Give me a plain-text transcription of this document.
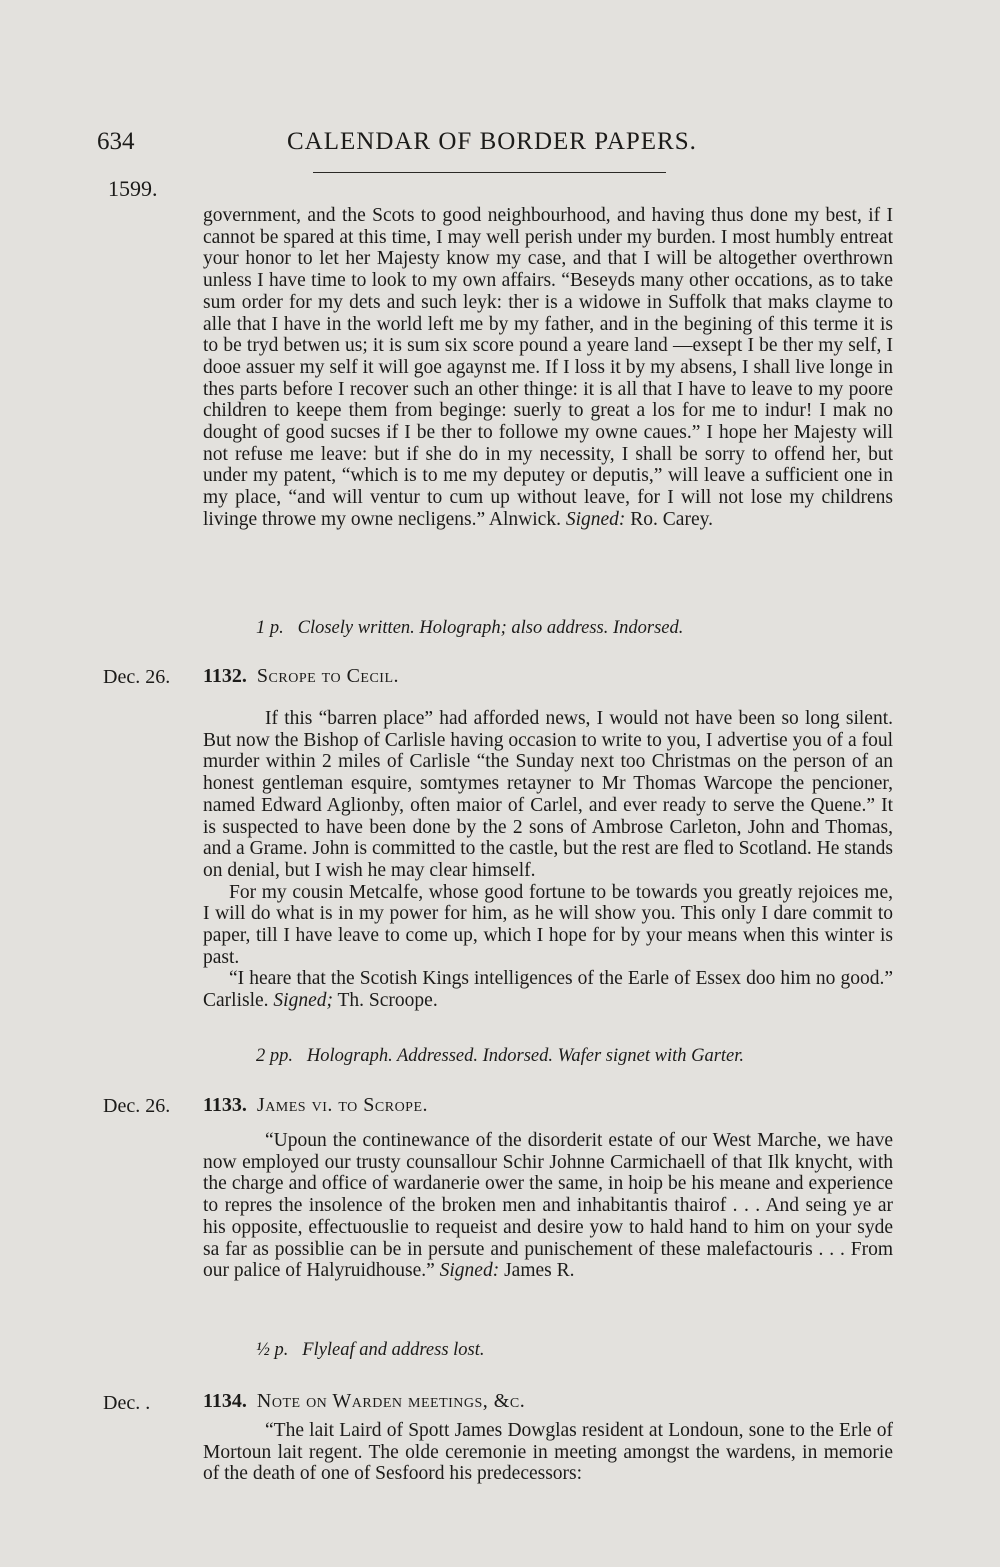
634	CALENDAR OF BORDER PAPERS.
1599.

government, and the Scots to good neighbourhood, and having thus done my best, if I cannot be spared at this time, I may well perish under my burden. I most humbly entreat your honor to let her Majesty know my case, and that I will be altogether overthrown unless I have time to look to my own affairs. “Beseyds many other occations, as to take sum order for my dets and such leyk: ther is a widowe in Suffolk that maks clayme to alle that I have in the world left me by my father, and in the begining of this terme it is to be tryd betwen us; it is sum six score pound a yeare land —exsept I be ther my self, I dooe assuer my self it will goe agaynst me. If I loss it by my absens, I shall live longe in thes parts before I recover such an other thinge: it is all that I have to leave to my poore children to keepe them from beginge: suerly to great a los for me to indur! I mak no dought of good sucses if I be ther to followe my owne caues.” I hope her Majesty will not refuse me leave: but if she do in my necessity, I shall be sorry to offend her, but under my patent, “which is to me my deputey or deputis,” will leave a sufficient one in my place, “and will ventur to cum up without leave, for I will not lose my childrens livinge throwe my owne necligens.” Alnwick. Signed: Ro. Carey.

1 p. Closely written. Holograph; also address. Indorsed.
Dec. 26. 1132. Scrope to Cecil.

If this “barren place” had afforded news, I would not have been so long silent. But now the Bishop of Carlisle having occasion to write to you, I advertise you of a foul murder within 2 miles of Carlisle “the Sunday next too Christmas on the person of an honest gentleman esquire, somtymes retayner to Mr Thomas Warcope the pencioner, named Edward Aglionby, often maior of Carlel, and ever ready to serve the Quene.” It is suspected to have been done by the 2 sons of Ambrose Carleton, John and Thomas, and a Grame. John is committed to the castle, but the rest are fled to Scotland. He stands on denial, but I wish he may clear himself.

For my cousin Metcalfe, whose good fortune to be towards you greatly rejoices me, I will do what is in my power for him, as he will show you. This only I dare commit to paper, till I have leave to come up, which I hope for by your means when this winter is past.

“I heare that the Scotish Kings intelligences of the Earle of Essex doo him no good.” Carlisle. Signed; Th. Scroope.

2 pp. Holograph. Addressed. Indorsed. Wafer signet with Garter.
Dec. 26. 1133. James vi. to Scrope.

“Upoun the continewance of the disorderit estate of our West Marche, we have now employed our trusty counsallour Schir Johnne Carmichaell of that Ilk knycht, with the charge and office of wardanerie ower the same, in hoip be his meane and experience to repres the insolence of the broken men and inhabitantis thairof . . . And seing ye ar his opposite, effectuouslie to requeist and desire yow to hald hand to him on your syde sa far as possiblie can be in persute and punischement of these malefactouris . . . From our palice of Halyruidhouse.” Signed: James R.

½ p. Flyleaf and address lost.
Dec. .	1134. Note on Warden meetings, &c.

“The lait Laird of Spott James Dowglas resident at Londoun, sone to the Erle of Mortoun lait regent. The olde ceremonie in meeting amongst the wardens, in memorie of the death of one of Sesfoord his predecessors:
